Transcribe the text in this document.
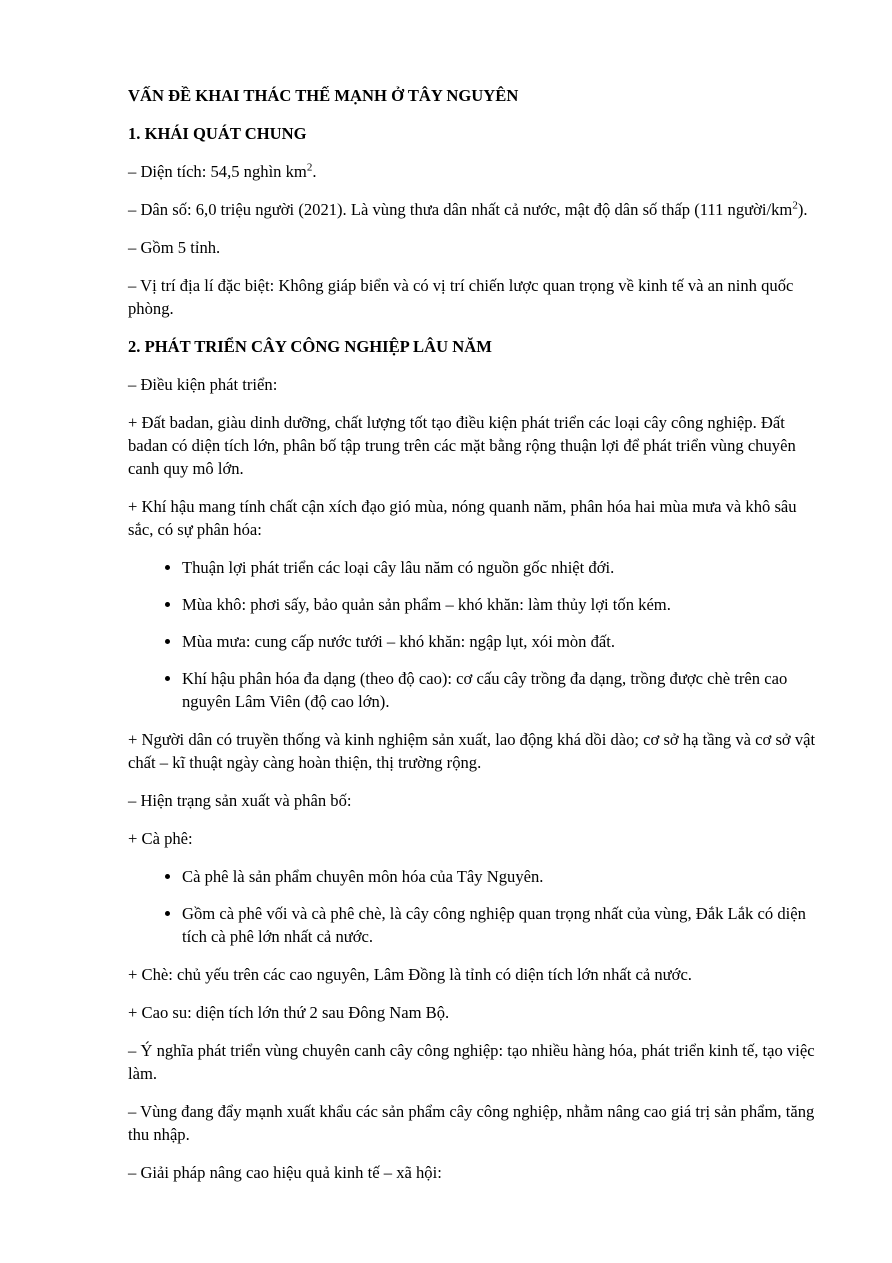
VẤN ĐỀ KHAI THÁC THẾ MẠNH Ở TÂY NGUYÊN
1. KHÁI QUÁT CHUNG

– Diện tích: 54,5 nghìn $km^2$.

– Dân số: 6,0 triệu người (2021). Là vùng thưa dân nhất cả nước, mật độ dân số thấp (111 người/$km^2$).

– Gồm 5 tỉnh.

– Vị trí địa lí đặc biệt: Không giáp biển và có vị trí chiến lược quan trọng về kinh tế và an ninh quốc phòng.

2. PHÁT TRIỂN CÂY CÔNG NGHIỆP LÂU NĂM

– Điều kiện phát triển:

+ Đất badan, giàu dinh dưỡng, chất lượng tốt tạo điều kiện phát triển các loại cây công nghiệp. Đất badan có diện tích lớn, phân bố tập trung trên các mặt bằng rộng thuận lợi để phát triển vùng chuyên canh quy mô lớn.

+ Khí hậu mang tính chất cận xích đạo gió mùa, nóng quanh năm, phân hóa hai mùa mưa và khô sâu sắc, có sự phân hóa:

• Thuận lợi phát triển các loại cây lâu năm có nguồn gốc nhiệt đới.
• Mùa khô: phơi sấy, bảo quản sản phẩm – khó khăn: làm thủy lợi tốn kém.
• Mùa mưa: cung cấp nước tưới – khó khăn: ngập lụt, xói mòn đất.
• Khí hậu phân hóa đa dạng (theo độ cao): cơ cấu cây trồng đa dạng, trồng được chè trên cao nguyên Lâm Viên (độ cao lớn).

+ Người dân có truyền thống và kinh nghiệm sản xuất, lao động khá dồi dào; cơ sở hạ tầng và cơ sở vật chất – kĩ thuật ngày càng hoàn thiện, thị trường rộng.

– Hiện trạng sản xuất và phân bố:

+ Cà phê:

• Cà phê là sản phẩm chuyên môn hóa của Tây Nguyên.
• Gồm cà phê vối và cà phê chè, là cây công nghiệp quan trọng nhất của vùng, Đắk Lắk có diện tích cà phê lớn nhất cả nước.

+ Chè: chủ yếu trên các cao nguyên, Lâm Đồng là tỉnh có diện tích lớn nhất cả nước.

+ Cao su: diện tích lớn thứ 2 sau Đông Nam Bộ.

– Ý nghĩa phát triển vùng chuyên canh cây công nghiệp: tạo nhiều hàng hóa, phát triển kinh tế, tạo việc làm.

– Vùng đang đẩy mạnh xuất khẩu các sản phẩm cây công nghiệp, nhằm nâng cao giá trị sản phẩm, tăng thu nhập.

– Giải pháp nâng cao hiệu quả kinh tế – xã hội:
